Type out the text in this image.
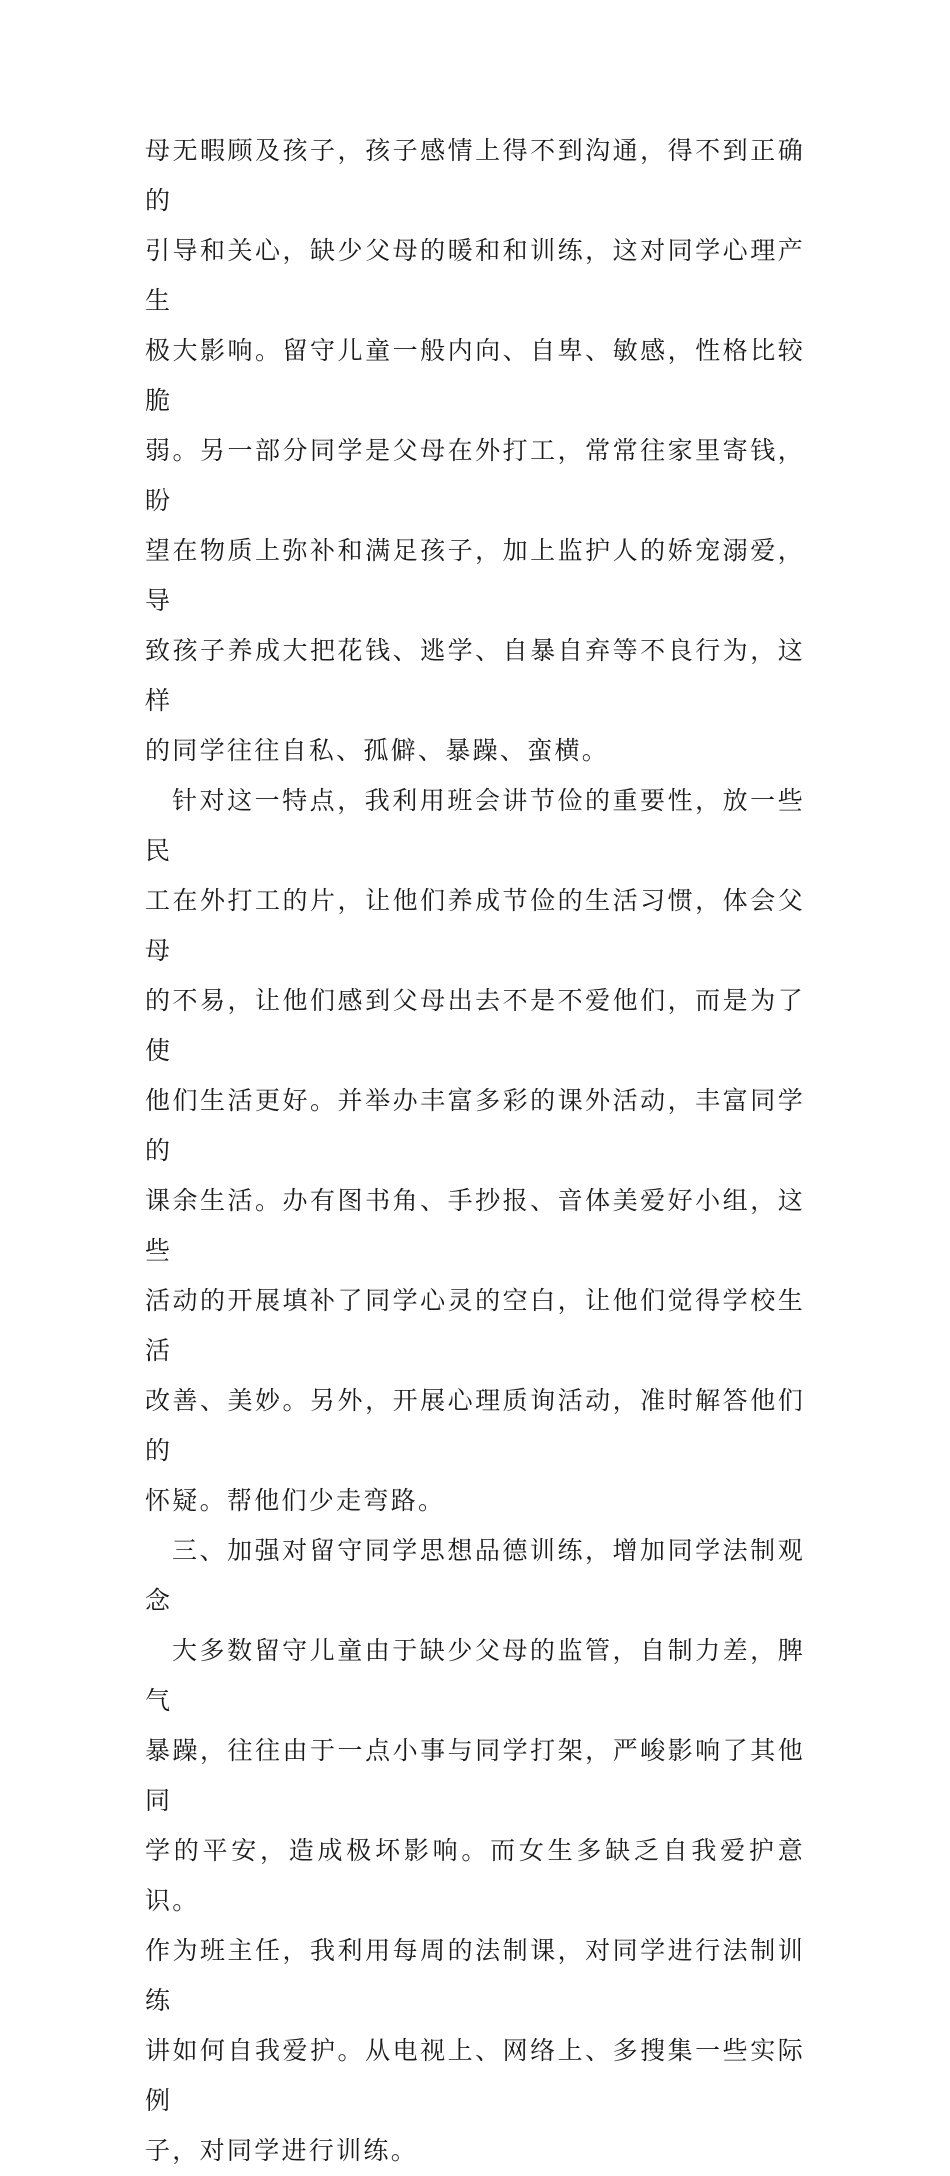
母无暇顾及孩子，孩子感情上得不到沟通，得不到正确的
引导和关心，缺少父母的暖和和训练，这对同学心理产生
极大影响。留守儿童一般内向、自卑、敏感，性格比较脆
弱。另一部分同学是父母在外打工，常常往家里寄钱，盼
望在物质上弥补和满足孩子，加上监护人的娇宠溺爱，导
致孩子养成大把花钱、逃学、自暴自弃等不良行为，这样
的同学往往自私、孤僻、暴躁、蛮横。

针对这一特点，我利用班会讲节俭的重要性，放一些民
工在外打工的片，让他们养成节俭的生活习惯，体会父母
的不易，让他们感到父母出去不是不爱他们，而是为了使
他们生活更好。并举办丰富多彩的课外活动，丰富同学的
课余生活。办有图书角、手抄报、音体美爱好小组，这些
活动的开展填补了同学心灵的空白，让他们觉得学校生活
改善、美妙。另外，开展心理质询活动，准时解答他们的
怀疑。帮他们少走弯路。

三、加强对留守同学思想品德训练，增加同学法制观念

大多数留守儿童由于缺少父母的监管，自制力差，脾气
暴躁，往往由于一点小事与同学打架，严峻影响了其他同
学的平安，造成极坏影响。而女生多缺乏自我爱护意识。
作为班主任，我利用每周的法制课，对同学进行法制训练
讲如何自我爱护。从电视上、网络上、多搜集一些实际例
子，对同学进行训练。
